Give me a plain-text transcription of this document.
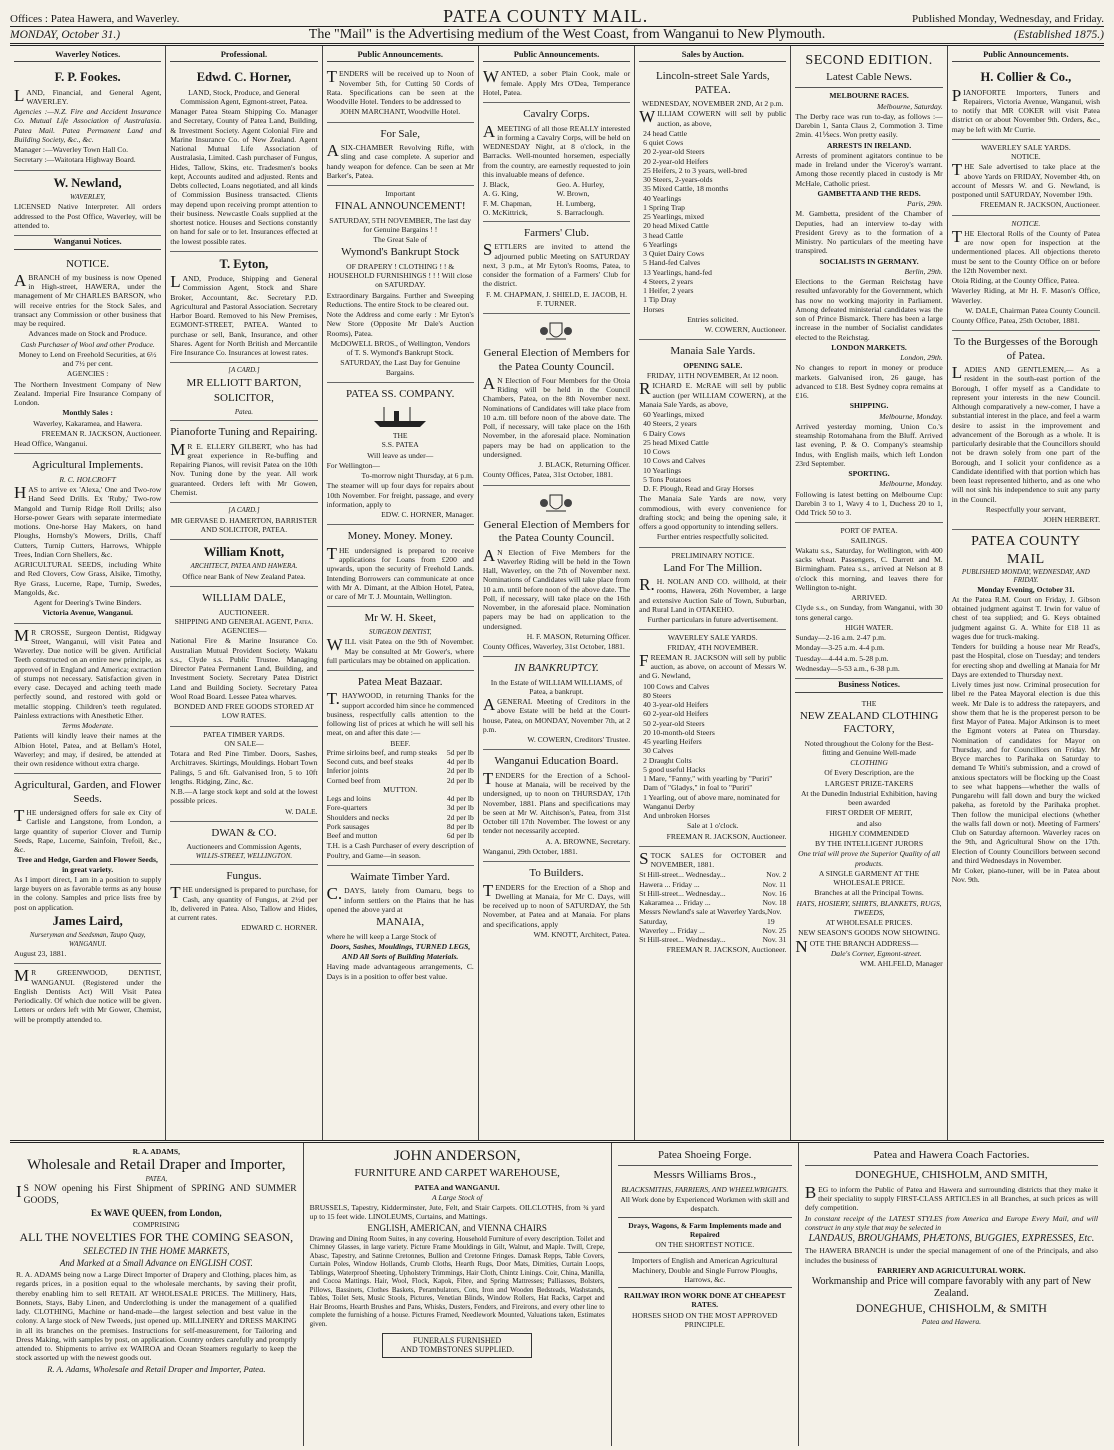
Offices : Patea Hawera, and Waverley.	PATEA COUNTY MAIL.	Published Monday, Wednesday, and Friday.
MONDAY, October 31.)	The "Mail" is the Advertising medium of the West Coast, from Wanganui to New Plymouth.	(Established 1875.)
Waverley Notices.
F. P. Fookes.

LAND, Financial, and General Agent, WAVERLEY.

Agencies :—N.Z. Fire and Accident Insurance Co. Mutual Life Association of Australasia. Patea Mail. Patea Permanent Land and Building Society, &c., &c.

Manager :—Waverley Town Hall Co.

Secretary :—Waitotara Highway Board.

W. Newland,
WAVERLEY,

LICENSED Native Interpreter. All orders addressed to the Post Office, Waverley, will be attended to.

Wanganui Notices.
NOTICE.

ABRANCH of my business is now Opened in High-street, HAWERA, under the management of Mr CHARLES BARSON, who will receive entries for the Stock Sales, and transact any Commission or other business that may be required.

Advances made on Stock and Produce.

Cash Purchaser of Wool and other Produce.

Money to Lend on Freehold Securities, at 6½ and 7½ per cent.

AGENCIES :

The Northern Investment Company of New Zealand. Imperial Fire Insurance Company of London.

Monthly Sales :

Waverley, Kakaramea, and Hawera.

FREEMAN R. JACKSON, Auctioneer.

Head Office, Wanganui.

Agricultural Implements.
R. C. HOLCROFT

HAS to arrive ex 'Alexa,' One and Two-row Hand Seed Drills. Ex 'Ruby,' Two-row Mangold and Turnip Ridge Roll Drills; also Horse-power Gears with separate intermediate motions. One-horse Hay Makers, on hand Ploughs, Hornsby's Mowers, Drills, Chaff Cutters, Turnip Cutters, Harrows, Whipple Trees, Indian Corn Shellers, &c.

AGRICULTURAL SEEDS, including White and Red Clovers, Cow Grass, Alsike, Timothy, Rye Grass, Lucerne, Rape, Turnip, Swedes, Mangolds, &c.

Agent for Deering's Twine Binders.

Victoria Avenue, Wanganui.

MR CROSSE, Surgeon Dentist, Ridgway Street, Wanganui, will visit Patea and Waverley. Due notice will be given. Artificial Teeth constructed on an entire new principle, as approved of in England and America; extraction of stumps not necessary. Satisfaction given in every case. Decayed and aching teeth made perfectly sound, and restored with gold or metallic stopping. Children's teeth regulated. Painless extractions with Anesthetic Ether.

Terms Moderate.

Patients will kindly leave their names at the Albion Hotel, Patea, and at Bellam's Hotel, Waverley; and may, if desired, be attended at their own residence without extra charge.

Agricultural, Garden, and Flower Seeds.

THE undersigned offers for sale ex City of Carlisle and Langstone, from London, a large quantity of superior Clover and Turnip Seeds, Rape, Lucerne, Sainfoin, Trefoil, &c., &c.

Tree and Hedge, Garden and Flower Seeds, in great variety.

As I import direct, I am in a position to supply large buyers on as favorable terms as any house in the colony. Samples and price lists free by post on application.

James Laird,
Nurseryman and Seedsman, Taupo Quay, WANGANUI.

August 23, 1881.

MR GREENWOOD, DENTIST, WANGANUI. (Registered under the English Dentists Act) Will Visit Patea Periodically. Of which due notice will be given. Letters or orders left with Mr Gower, Chemist, will be promptly attended to.

Professional.
Edwd. C. Horner,

LAND, Stock, Produce, and General Commission Agent, Egmont-street, Patea.

Manager Patea Steam Shipping Co. Manager and Secretary, County of Patea Land, Building, & Investment Society. Agent Colonial Fire and Marine Insurance Co. of New Zealand. Agent National Mutual Life Association of Australasia, Limited. Cash purchaser of Fungus, Hides, Tallow, Skins, etc. Tradesmen's books kept, Accounts audited and adjusted. Rents and Debts collected, Loans negotiated, and all kinds of Commission Business transacted. Clients may depend upon receiving prompt attention to their business. Newcastle Coals supplied at the shortest notice. Houses and Sections constantly on hand for sale or to let. Insurances effected at the lowest possible rates.

T. Eyton,

LAND, Produce, Shipping and General Commission Agent, Stock and Share Broker, Accountant, &c. Secretary P.D. Agricultural and Pastoral Association. Secretary Harbor Board. Removed to his New Premises, EGMONT-STREET, PATEA. Wanted to purchase or sell, Bank, Insurance, and other Shares. Agent for North British and Mercantile Fire Insurance Co. Insurances at lowest rates.

[A CARD.]
MR ELLIOTT BARTON,
SOLICITOR,
Patea.
Pianoforte Tuning and Repairing.

MR E. ELLERY GILBERT, who has had great experience in Re-buffing and Repairing Pianos, will revisit Patea on the 10th Nov. Tuning done by the year. All work guaranteed. Orders left with Mr Gowen, Chemist.

[A CARD.]

MR GERVASE D. HAMERTON, BARRISTER AND SOLICITOR, PATEA.

William Knott,
ARCHITECT, PATEA AND HAWERA.

Office near Bank of New Zealand Patea.

WILLIAM DALE,
AUCTIONEER.
SHIPPING AND GENERAL AGENT, Patea.
AGENCIES—

National Fire & Marine Insurance Co. Australian Mutual Provident Society. Wakatu s.s., Clyde s.s. Public Trustee. Managing Director Patea Permanent Land, Building, and Investment Society. Secretary Patea District Land and Building Society. Secretary Patea Wool Road Board. Lessee Patea wharves.

BONDED AND FREE GOODS STORED AT LOW RATES.

PATEA TIMBER YARDS.
ON SALE—

Totara and Red Pine Timber. Doors, Sashes, Architraves. Skirtings, Mouldings. Hobart Town Palings, 5 and 6ft. Galvanised Iron, 5 to 10ft lengths. Ridging, Zinc, &c.

N.B.—A large stock kept and sold at the lowest possible prices.

W. DALE.

DWAN & CO.
Auctioneers and Commission Agents,
WILLIS-STREET, WELLINGTON.
Fungus.

THE undersigned is prepared to purchase, for Cash, any quantity of Fungus, at 2½d per lb, delivered in Patea. Also, Tallow and Hides, at current rates.

EDWARD C. HORNER.

Public Announcements.

TENDERS will be received up to Noon of November 5th, for Cutting 50 Cords of Rata. Specifications can be seen at the Woodville Hotel. Tenders to be addressed to

JOHN MARCHANT, Woodville Hotel.

For Sale,

ASIX-CHAMBER Revolving Rifle, with sling and case complete. A superior and handy weapon for defence. Can be seen at Mr Barker's, Patea.

Important
FINAL ANNOUNCEMENT!

SATURDAY, 5TH NOVEMBER, The last day for Genuine Bargains ! !

The Great Sale of

Wymond's Bankrupt Stock

OF DRAPERY ! CLOTHING ! ! & HOUSEHOLD FURNISHINGS ! ! ! Will close on SATURDAY.

Extraordinary Bargains. Further and Sweeping Reductions. The entire Stock to be cleared out.

Note the Address and come early : Mr Eyton's New Store (Opposite Mr Dale's Auction Rooms), Patea.

McDOWELL BROS., of Wellington, Vendors of T. S. Wymond's Bankrupt Stock.

SATURDAY, the Last Day for Genuine Bargains.

PATEA SS. COMPANY.
THE
S.S. PATEA

Will leave as under—

For Wellington—

To-morrow night Thursday, at 6 p.m.

The steamer will up four days for repairs about 10th November. For freight, passage, and every information, apply to

EDW. C. HORNER, Manager.

Money. Money. Money.

THE undersigned is prepared to receive applications for Loans from £200 and upwards, upon the security of Freehold Lands. Intending Borrowers can communicate at once with Mr A. Dimant, at the Albion Hotel, Patea, or care of Mr T. J. Mountain, Wellington.

Mr W. H. Skeet,
SURGEON DENTIST,

WILL visit Patea on the 9th of November. May be consulted at Mr Gower's, where full particulars may be obtained on application.

Patea Meat Bazaar.

T.HAYWOOD, in returning Thanks for the support accorded him since he commenced business, respectfully calls attention to the following list of prices at which he will sell his meat, on and after this date :—

BEEF.
Prime sirloins beef, and rump steaks 5d per lb
Second cuts, and beef steaks	4d per lb
Inferior joints	2d per lb
Corned beef from	2d per lb
MUTTON.
Legs and loins	4d per lb
Fore-quarters	3d per lb
Shoulders and necks	2d per lb
Pork sausages	8d per lb
Beef and mutton	6d per lb

T.H. is a Cash Purchaser of every description of Poultry, and Game—in season.

Waimate Timber Yard.

C.DAYS, lately from Oamaru, begs to inform settlers on the Plains that he has opened the above yard at

MANAIA,

where he will keep a Large Stock of

Doors, Sashes, Mouldings, TURNED LEGS,

AND All Sorts of Building Materials.

Having made advantageous arrangements, C. Days is in a position to offer best value.

Public Announcements.

WANTED, a sober Plain Cook, male or female. Apply Mrs O'Dea, Temperance Hotel, Patea.

Cavalry Corps.

AMEETING of all those REALLY interested in forming a Cavalry Corps, will be held on WEDNESDAY Night, at 8 o'clock, in the Barracks. Well-mounted horsemen, especially from the country, are earnestly requested to join this invaluable means of defence.

J. Black,	Geo. A. Hurley,
A. G. King,	W. Brown,
F. M. Chapman,	H. Lumberg,
O. McKittrick,	S. Barraclough.
Farmers' Club.

SETTLERS are invited to attend the adjourned public Meeting on SATURDAY next, 3 p.m., at Mr Eyton's Rooms, Patea, to consider the formation of a Farmers' Club for the district.

F. M. CHAPMAN, J. SHIELD, E. JACOB, H. F. TURNER.

General Election of Members for the Patea County Council.

AN Election of Four Members for the Otoia Riding will be held in the Council Chambers, Patea, on the 8th November next. Nominations of Candidates will take place from 10 a.m. till before noon of the above date. The Poll, if necessary, will take place on the 16th November, in the aforesaid place. Nomination papers may be had on application to the undersigned.

J. BLACK, Returning Officer.

County Offices, Patea, 31st October, 1881.

General Election of Members for the Patea County Council.

AN Election of Five Members for the Waverley Riding will be held in the Town Hall, Waverley, on the 7th of November next. Nominations of Candidates will take place from 10 a.m. until before noon of the above date. The Poll, if necessary, will take place on the 16th November, in the aforesaid place. Nomination papers may be had on application to the undersigned.

H. F. MASON, Returning Officer.

County Offices, Waverley, 31st October, 1881.

IN BANKRUPTCY.

In the Estate of WILLIAM WILLIAMS, of Patea, a bankrupt.

AGENERAL Meeting of Creditors in the above Estate will be held at the Court-house, Patea, on MONDAY, November 7th, at 2 p.m.

W. COWERN, Creditors' Trustee.

Wanganui Education Board.

TENDERS for the Erection of a School-house at Manaia, will be received by the undersigned, up to noon on THURSDAY, 17th November, 1881. Plans and specifications may be seen at Mr W. Aitchison's, Patea, from 31st October till 17th November. The lowest or any tender not necessarily accepted.

A. A. BROWNE, Secretary.

Wanganui, 29th October, 1881.

To Builders.

TENDERS for the Erection of a Shop and Dwelling at Manaia, for Mr C. Days, will be received up to noon of SATURDAY, the 5th November, at Patea and at Manaia. For plans and specifications, apply

WM. KNOTT, Architect, Patea.

Sales by Auction.
Lincoln-street Sale Yards, PATEA.

WEDNESDAY, NOVEMBER 2ND, At 2 p.m.

WILLIAM COWERN will sell by public auction, as above,

24 head Cattle
6 quiet Cows
20 2-year-old Steers
20 2-year-old Heifers
25 Heifers, 2 to 3 years, well-bred
30 Steers, 2-years-olds
35 Mixed Cattle, 18 months
40 Yearlings
1 Spring Trap
25 Yearlings, mixed
20 head Mixed Cattle
3 head Cattle
6 Yearlings
3 Quiet Dairy Cows
5 Hand-fed Calves
13 Yearlings, hand-fed
4 Steers, 2 years
1 Heifer, 2 years
1 Tip Dray
Horses

Entries solicited.

W. COWERN, Auctioneer.

Manaia Sale Yards.
OPENING SALE.

FRIDAY, 11TH NOVEMBER, At 12 noon.

RICHARD E. McRAE will sell by public auction (per WILLIAM COWERN), at the Manaia Sale Yards, as above,

60 Yearlings, mixed
40 Steers, 2 years
6 Dairy Cows
25 head Mixed Cattle
10 Cows
10 Cows and Calves
10 Yearlings
5 Tons Potatoes
D. F. Plough, Read and Gray Horses

The Manaia Sale Yards are now, very commodious, with every convenience for drafting stock; and being the opening sale, it offers a good opportunity to intending sellers.

Further entries respectfully solicited.

PRELIMINARY NOTICE.
Land For The Million.

R.H. NOLAN AND CO. willhold, at their rooms, Hawera, 26th November, a large and extensive Auction Sale of Town, Suburban, and Rural Land in OTAKEHO.

Further particulars in future advertisement.

WAVERLEY SALE YARDS.
FRIDAY, 4TH NOVEMBER.

FREEMAN R. JACKSON will sell by public auction, as above, on account of Messrs W. and G. Newland,

100 Cows and Calves
80 Steers
40 3-year-old Heifers
60 2-year-old Heifers
50 2-year-old Steers
20 10-month-old Steers
45 yearling Heifers
30 Calves
2 Draught Colts
5 good useful Hacks
1 Mare, "Fanny," with yearling by "Puriri"
Dam of "Gladys," in foal to "Puriri"
1 Yearling, out of above mare, nominated for Wanganui Derby
And unbroken Horses

Sale at 1 o'clock.

FREEMAN R. JACKSON, Auctioneer.

STOCK SALES for OCTOBER and NOVEMBER, 1881.

St Hill-street... Wednesday...	Nov. 2
Hawera ... Friday ...	Nov. 11
St Hill-street... Wednesday...	Nov. 16
Kakaramea ... Friday ...	Nov. 18
Messrs Newland's sale at Waverley Yards, Saturday,
Nov. 19
Waverley ... Friday ...	Nov. 25
St Hill-street... Wednesday...	Nov. 31

FREEMAN R. JACKSON, Auctioneer.

SECOND EDITION.
Latest Cable News.
MELBOURNE RACES.

Melbourne, Saturday.

The Derby race was run to-day, as follows :—Darebin 1, Santa Claus 2, Commotion 3. Time 2min. 41⅟secs. Won pretty easily.

ARRESTS IN IRELAND.

Arrests of prominent agitators continue to be made in Ireland under the Viceroy's warrant. Among those recently placed in custody is Mr McHale, Catholic priest.

GAMBETTA AND THE REDS.

Paris, 29th.

M. Gambetta, president of the Chamber of Deputies, had an interview to-day with President Grevy as to the formation of a Ministry. No particulars of the meeting have transpired.

SOCIALISTS IN GERMANY.

Berlin, 29th.

Elections to the German Reichstag have resulted unfavorably for the Government, which has now no working majority in Parliament. Among defeated ministerial candidates was the son of Prince Bismarck. There has been a large increase in the number of Socialist candidates elected to the Reichstag.

LONDON MARKETS.

London, 29th.

No changes to report in money or produce markets. Galvanised iron, 26 gauge, has advanced to £18. Best Sydney copra remains at £16.

SHIPPING.

Melbourne, Monday.

Arrived yesterday morning, Union Co.'s steamship Rotomahana from the Bluff. Arrived last evening, P. & O. Company's steamship Indus, with English mails, which left London 23rd September.

SPORTING.

Melbourne, Monday.

Following is latest betting on Melbourne Cup: Darebin 3 to 1, Wavy 4 to 1, Duchess 20 to 1, Odd Trick 50 to 3.

PORT OF PATEA.
SAILINGS.

Wakatu s.s., Saturday, for Wellington, with 400 sacks wheat. Passengers, C. Darrett and M. Birmingham. Patea s.s., arrived at Nelson at 8 o'clock this morning, and leaves there for Wellington to-night.

ARRIVED.

Clyde s.s., on Sunday, from Wanganui, with 30 tons general cargo.

HIGH WATER.

Sunday—2-16 a.m. 2-47 p.m.

Monday—3-25 a.m. 4-4 p.m.

Tuesday—4-44 a.m. 5-28 p.m.

Wednesday—5-53 a.m., 6-38 p.m.

Business Notices.
THE
NEW ZEALAND CLOTHING FACTORY,

Noted throughout the Colony for the Best-fitting and Genuine Well-made

CLOTHING

Of Every Description, are the

LARGEST PRIZE-TAKERS

At the Dunedin Industrial Exhibition, having been awarded

FIRST ORDER OF MERIT,

and also

HIGHLY COMMENDED

BY THE INTELLIGENT JURORS

One trial will prove the Superior Quality of all products.

A SINGLE GARMENT AT THE WHOLESALE PRICE.

Branches at all the Principal Towns.

HATS, HOSIERY, SHIRTS, BLANKETS, RUGS, TWEEDS,

AT WHOLESALE PRICES.

NEW SEASON'S GOODS NOW SHOWING.

NOTE THE BRANCH ADDRESS—

Dale's Corner, Egmont-street.

WM. AHLFELD, Manager

Public Announcements.
H. Collier & Co.,

PIANOFORTE Importers, Tuners and Repairers, Victoria Avenue, Wanganui, wish to notify that MR COKER will visit Patea district on or about November 9th. Orders, &c., may be left with Mr Currie.

WAVERLEY SALE YARDS.
NOTICE.

THE Sale advertised to take place at the above Yards on FRIDAY, November 4th, on account of Messrs W. and G. Newland, is postponed until SATURDAY, November 19th.

FREEMAN R. JACKSON, Auctioneer.

NOTICE.

THE Electoral Rolls of the County of Patea are now open for inspection at the undermentioned places. All objections thereto must be sent to the County Office on or before the 12th November next.

Otoia Riding, at the County Office, Patea.

Waverley Riding, at Mr H. F. Mason's Office, Waverley.

W. DALE, Chairman Patea County Council.

County Office, Patea, 25th October, 1881.

To the Burgesses of the Borough of Patea.

LADIES AND GENTLEMEN,— As a resident in the south-east portion of the Borough, I offer myself as a Candidate to represent your interests in the new Council. Although comparatively a new-comer, I have a substantial interest in the place, and feel a warm desire to assist in the improvement and advancement of the Borough as a whole. It is particularly desirable that the Councillors should not be drawn solely from one part of the Borough, and I solicit your confidence as a Candidate identified with that portion which has been least represented hitherto, and as one who will not sink his independence to suit any party in the Council.

Respectfully your servant,

JOHN HERBERT.

PATEA COUNTY MAIL
PUBLISHED MONDAY, WEDNESDAY, AND FRIDAY.
Monday Evening, October 31.

At the Patea R.M. Court on Friday, J. Gibson obtained judgment against T. Irwin for value of chest of tea supplied; and G. Keys obtained judgment against G. A. White for £18 11 as wages due for truck-making.

Tenders for building a house near Mr Read's, past the Hospital, close on Tuesday; and tenders for erecting shop and dwelling at Manaia for Mr Days are extended to Thursday next.

Lively times just now. Criminal prosecution for libel re the Patea Mayoral election is due this week. Mr Dale is to address the ratepayers, and show them that he is the properest person to be first Mayor of Patea. Major Atkinson is to meet the Egmont voters at Patea on Thursday. Nomination of candidates for Mayor on Thursday, and for Councillors on Friday. Mr Bryce marches to Parihaka on Saturday to demand Te Whiti's submission, and a crowd of anxious spectators will be flocking up the Coast to see what happens—whether the walls of Pungarehu will fall down and bury the wicked pakeha, as foretold by the Parihaka prophet. Then follow the municipal elections (whether the walls fall down or not). Meeting of Farmers' Club on Saturday afternoon. Waverley races on the 9th, and Agricultural Show on the 17th. Election of County Councillors between second and third Wednesdays in November.

Mr Coker, piano-tuner, will be in Patea about Nov. 9th.

R. A. ADAMS,
Wholesale and Retail Draper and Importer,
PATEA,

IS NOW opening his First Shipment of SPRING AND SUMMER GOODS,

Ex WAVE QUEEN, from London,

COMPRISING

ALL THE NOVELTIES FOR THE COMING SEASON,

SELECTED IN THE HOME MARKETS,

And Marked at a Small Advance on ENGLISH COST.

R. A. ADAMS being now a Large Direct Importer of Drapery and Clothing, places him, as regards prices, in a position equal to the wholesale merchants, by saving their profit, thereby enabling him to sell RETAIL AT WHOLESALE PRICES. The Millinery, Hats, Bonnets, Stays, Baby Linen, and Underclothing is under the management of a qualified lady. CLOTHING, Machine or hand-made—the largest selection and best value in the colony. A large stock of New Tweeds, just opened up. MILLINERY and DRESS MAKING in all its branches on the premises. Instructions for self-measurement, for Tailoring and Dress Making, with samples by post, on application. Country orders carefully and promptly attended to. Shipments to arrive ex WAIROA and Ocean Steamers regularly to keep the stock assorted up with the newest goods out.

R. A. Adams, Wholesale and Retail Draper and Importer, Patea.

JOHN ANDERSON,
FURNITURE AND CARPET WAREHOUSE,
PATEA and WANGANUI.

A Large Stock of

BRUSSELS, Tapestry, Kidderminster, Jute, Felt, and Stair Carpets. OILCLOTHS, from ¾ yard up to 15 feet wide. LINOLEUMS, Curtains, and Mattings.

ENGLISH, AMERICAN, and VIENNA CHAIRS

Drawing and Dining Room Suites, in any covering. Household Furniture of every description. Toilet and Chimney Glasses, in large variety. Picture Frame Mouldings in Gilt, Walnut, and Maple. Twill, Crepe, Abasc, Tapestry, and Satinne Cretonnes, Bullion and Cretonne Fringes. Damask Repps, Table Covers, Curtain Poles, Window Hollands, Crumb Cloths, Hearth Rugs, Door Mats, Dimities, Curtain Loops, Tablings, Waterproof Sheeting, Upholstery Trimmings, Hair Cloth, Chintz Linings. Coir, China, Manilla, and Cocoa Mattings. Hair, Wool, Flock, Kapok, Fibre, and Spring Mattresses; Palliasses, Bolsters, Pillows, Bassinets, Clothes Baskets, Perambulators, Cots, Iron and Wooden Bedsteads, Washstands, Tables, Toilet Sets, Music Stools, Pictures, Venetian Blinds, Window Rollers, Hat Racks, Carpet and Hair Brooms, Hearth Brushes and Pans, Whisks, Dusters, Fenders, and Fireirons, and every other line to complete the furnishing of a house. Pictures Framed, Needlework Mounted, Valuations taken, Estimates given.

FUNERALS FURNISHED
AND TOMBSTONES SUPPLIED.
Patea Shoeing Forge.
Messrs Williams Bros.,
BLACKSMITHS, FARRIERS, AND WHEELWRIGHTS.

All Work done by Experienced Workmen with skill and despatch.

Drays, Wagons, & Farm Implements made and Repaired

ON THE SHORTEST NOTICE.

Importers of English and American Agricultural Machinery, Double and Single Furrow Ploughs, Harrows, &c.

RAILWAY IRON WORK DONE AT CHEAPEST RATES.

HORSES SHOD ON THE MOST APPROVED PRINCIPLE.

Patea and Hawera Coach Factories.
DONEGHUE, CHISHOLM, AND SMITH,

BEG to inform the Public of Patea and Hawera and surrounding districts that they make it their speciality to supply FIRST-CLASS ARTICLES in all Branches, at such prices as will defy competition.

In constant receipt of the LATEST STYLES from America and Europe Every Mail, and will construct in any style that may be selected in

LANDAUS, BROUGHAMS, PHÆTONS, BUGGIES, EXPRESSES, Etc.

The HAWERA BRANCH is under the special management of one of the Principals, and also includes the business of

FARRIERY AND AGRICULTURAL WORK.

Workmanship and Price will compare favorably with any part of New Zealand.

DONEGHUE, CHISHOLM, & SMITH

Patea and Hawera.
